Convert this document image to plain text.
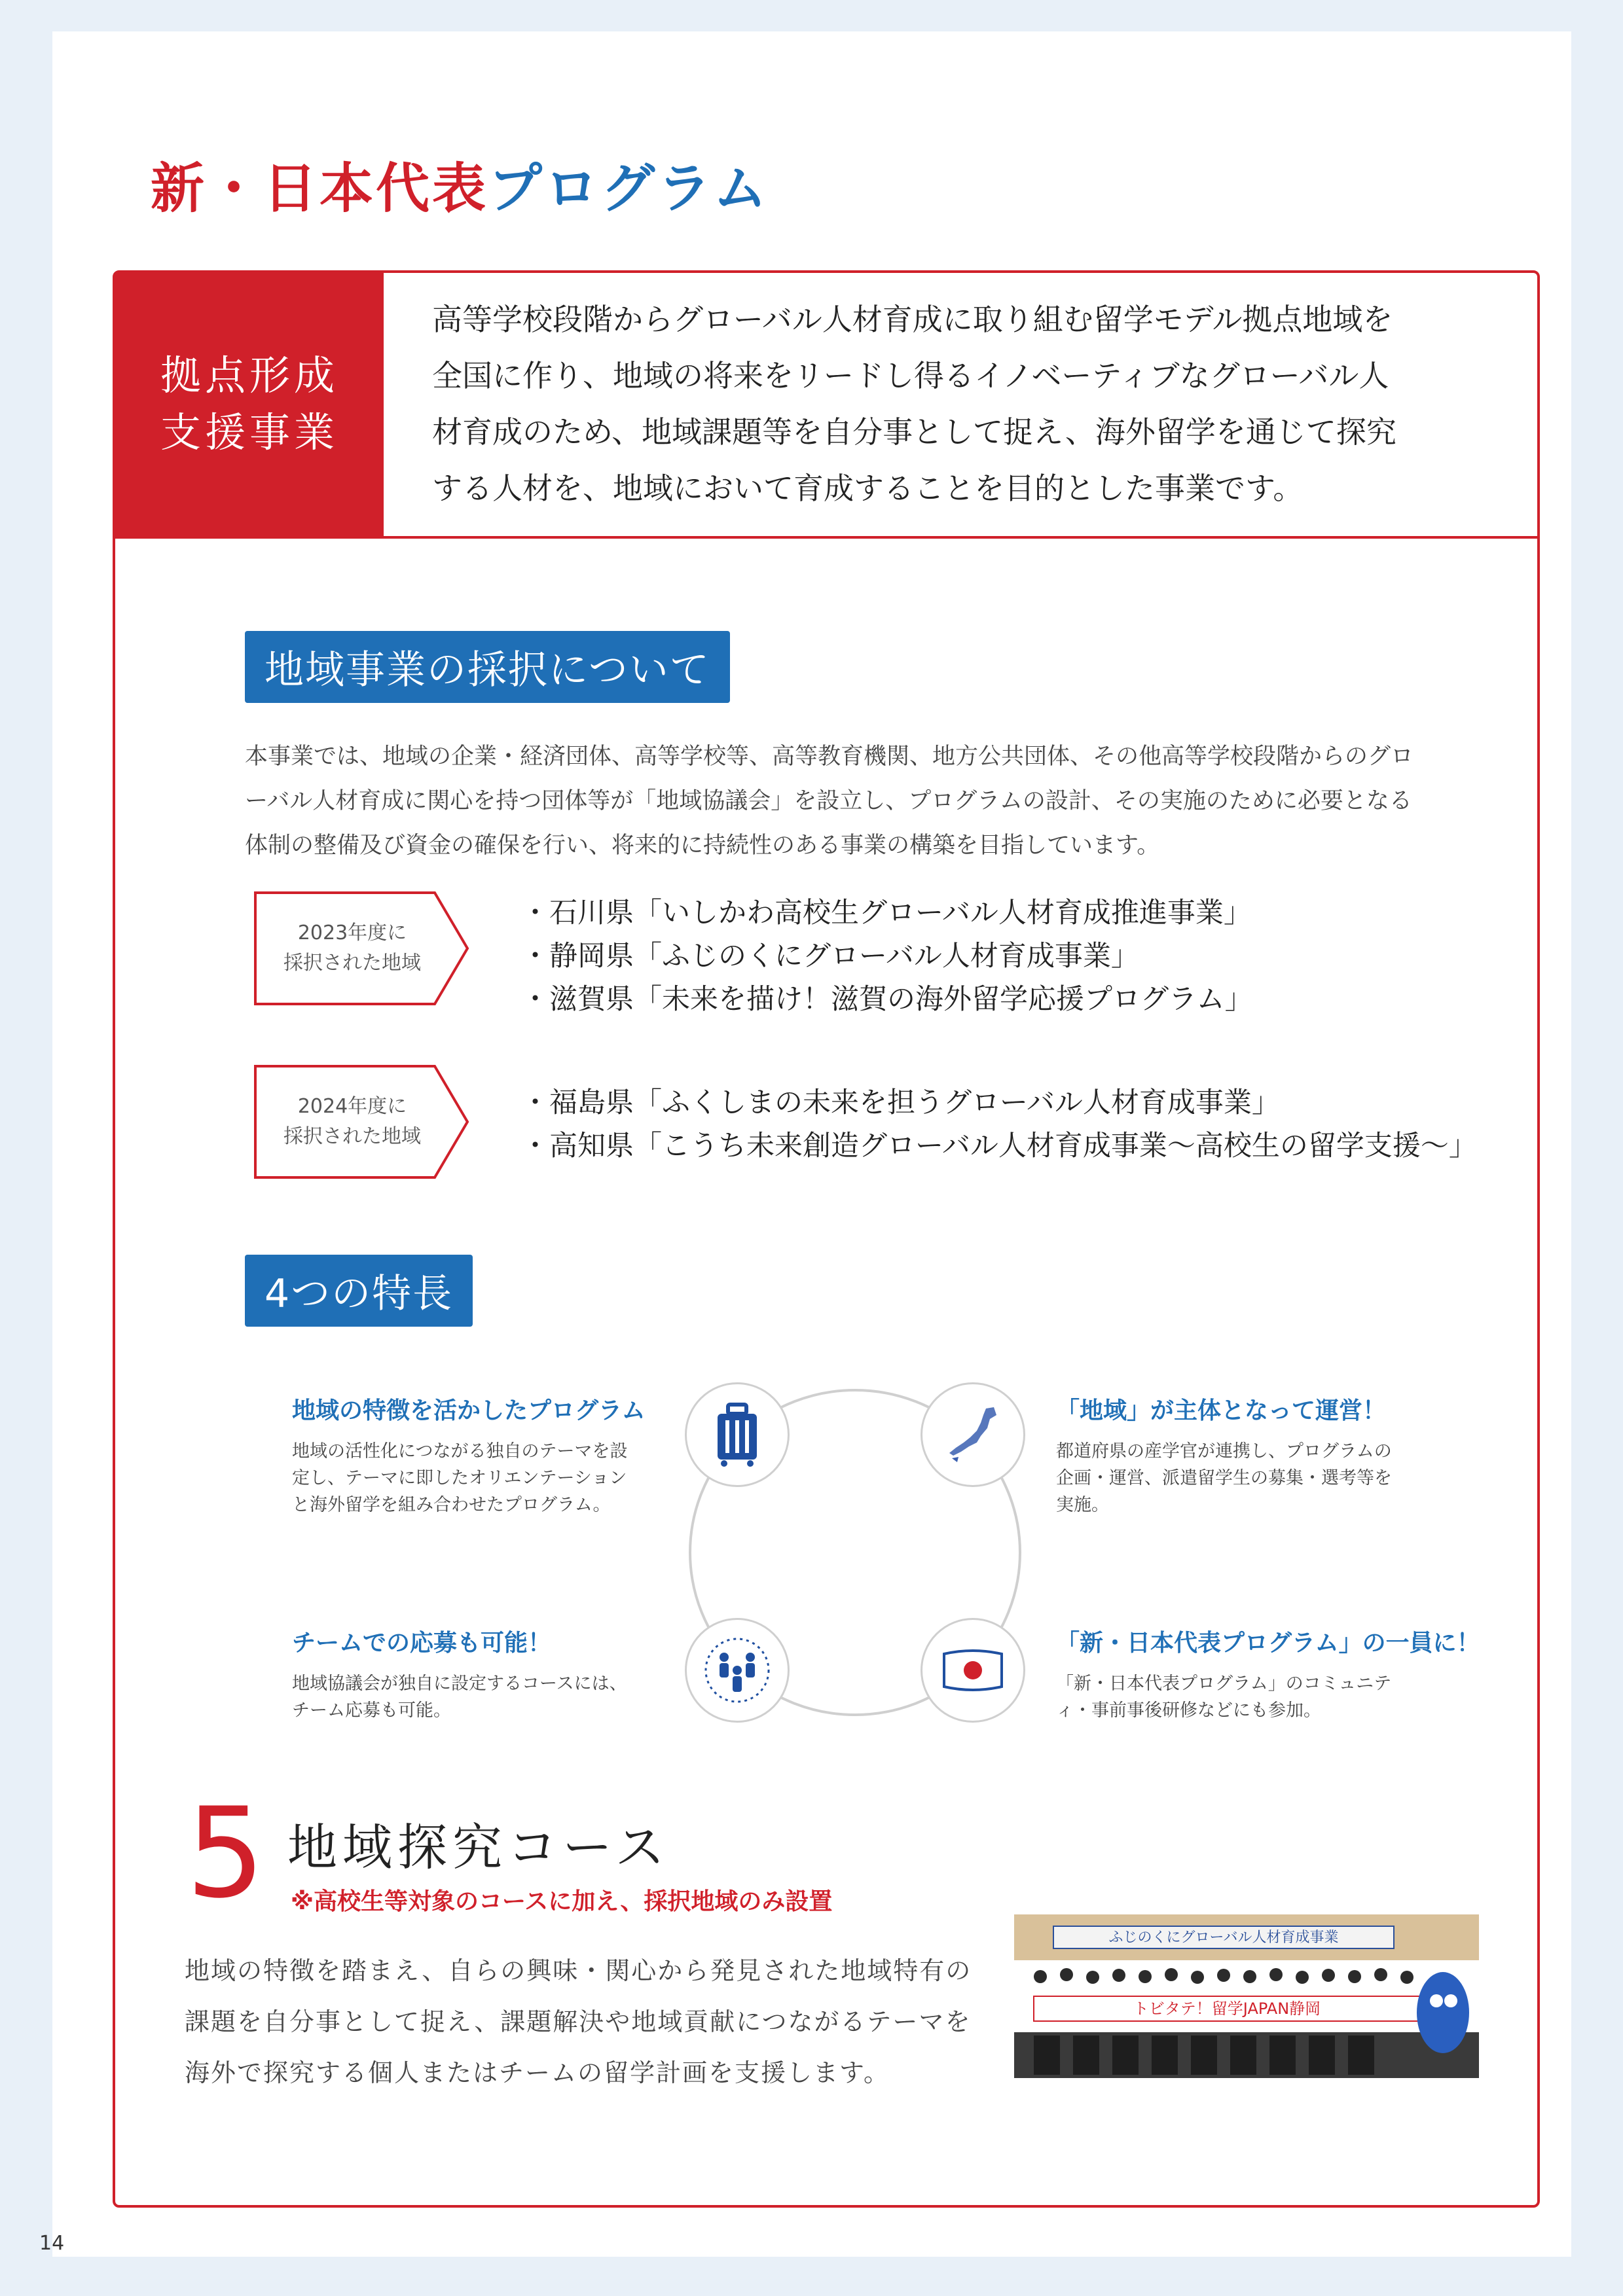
新・日本代表 プログラム
拠点形成
支援事業
高等学校段階からグローバル人材育成に取り組む留学モデル拠点地域を
全国に作り、地域の将来をリードし得るイノベーティブなグローバル人
材育成のため、地域課題等を自分事として捉え、海外留学を通じて探究
する人材を、地域において育成することを目的とした事業です。
地域事業の採択について
本事業では、地域の企業・経済団体、高等学校等、高等教育機関、地方公共団体、その他高等学校段階からのグロ
ーバル人材育成に関心を持つ団体等が「地域協議会」を設立し、プログラムの設計、その実施のために必要となる
体制の整備及び資金の確保を行い、将来的に持続性のある事業の構築を目指しています。
2023年度に
採択された地域
・石川県「いしかわ高校生グローバル人材育成推進事業」
・静岡県「ふじのくにグローバル人材育成事業」
・滋賀県「未来を描け！滋賀の海外留学応援プログラム」
2024年度に
採択された地域
・福島県「ふくしまの未来を担うグローバル人材育成事業」
・高知県「こうち未来創造グローバル人材育成事業〜高校生の留学支援〜」
4つの特長
地域の特徴を活かしたプログラム
地域の活性化につながる独自のテーマを設
定し、テーマに即したオリエンテーション
と海外留学を組み合わせたプログラム。
「地域」が主体となって運営！
都道府県の産学官が連携し、プログラムの
企画・運営、派遣留学生の募集・選考等を
実施。
チームでの応募も可能！
地域協議会が独自に設定するコースには、
チーム応募も可能。
「新・日本代表プログラム」の一員に！
「新・日本代表プログラム」のコミュニテ
ィ・事前事後研修などにも参加。
5 地域探究コース
※高校生等対象のコースに加え、採択地域のみ設置
地域の特徴を踏まえ、自らの興味・関心から発見された地域特有の
課題を自分事として捉え、課題解決や地域貢献につながるテーマを
海外で探究する個人またはチームの留学計画を支援します。
ふじのくにグローバル人材育成事業
トビタテ！留学JAPAN静岡
14
